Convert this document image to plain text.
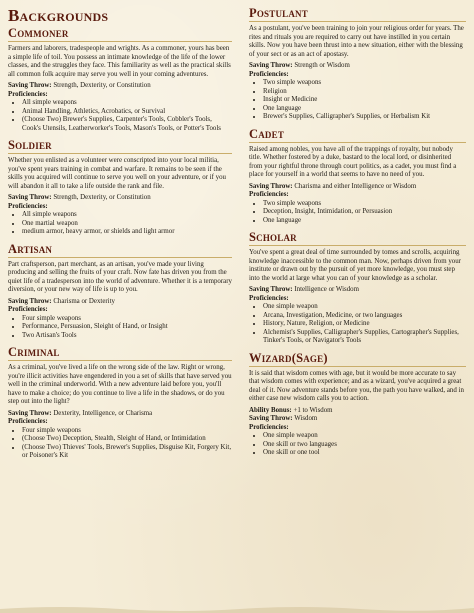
Backgrounds
Commoner

Farmers and laborers, tradespeople and wrights. As a commoner, yours has been a simple life of toil. You possess an intimate knowledge of the life of the lower classes, and the struggles they face. This familiarity as well as the practical skills all common folk acquire may serve you well in your coming adventures.

Saving Throw: Strength, Dexterity, or Constitution

Proficiencies:

• All simple weapons
• Animal Handling, Athletics, Acrobatics, or Survival
• (Choose Two) Brewer's Supplies, Carpenter's Tools, Cobbler's Tools, Cook's Utensils, Leatherworker's Tools, Mason's Tools, or Potter's Tools
Soldier

Whether you enlisted as a volunteer were conscripted into your local militia, you've spent years training in combat and warfare. It remains to be seen if the skills you acquired will continue to serve you well on your adventure, or if you will abandon it all to take a life outside the rank and file.

Saving Throw: Strength, Dexterity, or Constitution

Proficiencies:

• All simple weapons
• One martial weapon
• medium armor, heavy armor, or shields and light armor
Artisan

Part craftsperson, part merchant, as an artisan, you've made your living producing and selling the fruits of your craft. Now fate has driven you from the quiet life of a tradesperson into the world of adventure. Whether it is a temporary diversion, or your new way of life is up to you.

Saving Throw: Charisma or Dexterity

Proficiencies:

• Four simple weapons
• Performance, Persuasion, Sleight of Hand, or Insight
• Two Artisan's Tools
Criminal

As a criminal, you've lived a life on the wrong side of the law. Right or wrong, you're illicit activities have engendered in you a set of skills that have served you well in the criminal underworld. With a new adventure laid before you, you'll have to make a choice; do you continue to live a life in the shadows, or do you step out into the light?

Saving Throw: Dexterity, Intelligence, or Charisma

Proficiencies:

• Four simple weapons
• (Choose Two) Deception, Stealth, Sleight of Hand, or Intimidation
• (Choose Two) Thieves' Tools, Brewer's Supplies, Disguise Kit, Forgery Kit, or Poisoner's Kit
Postulant

As a postulant, you've been training to join your religious order for years. The rites and rituals you are required to carry out have instilled in you certain skills. Now you have been thrust into a new situation, either with the blessing of your sect or as an act of apostasy.

Saving Throw: Strength or Wisdom

Proficiencies:

• Two simple weapons
• Religion
• Insight or Medicine
• One language
• Brewer's Supplies, Calligrapher's Supplies, or Herbalism Kit
Cadet

Raised among nobles, you have all of the trappings of royalty, but nobody title. Whether fostered by a duke, bastard to the local lord, or disinherited from your rightful throne through court politics, as a cadet, you must find a place for yourself in a world that seems to have no need of you.

Saving Throw: Charisma and either Intelligence or Wisdom

Proficiencies:

• Two simple weapons
• Deception, Insight, Intimidation, or Persuasion
• One language
Scholar

You've spent a great deal of time surrounded by tomes and scrolls, acquiring knowledge inaccessible to the common man. Now, perhaps driven from your institute or drawn out by the pursuit of yet more knowledge, you must step into the world at large what you can of your knowledge as a scholar.

Saving Throw: Intelligence or Wisdom

Proficiencies:

• One simple weapon
• Arcana, Investigation, Medicine, or two languages
• History, Nature, Religion, or Medicine
• Alchemist's Supplies, Calligrapher's Supplies, Cartographer's Supplies, Tinker's Tools, or Navigator's Tools
Wizard(Sage)

It is said that wisdom comes with age, but it would be more accurate to say that wisdom comes with experience; and as a wizard, you've acquired a great deal of it. Now adventure stands before you, the path you have walked, and in either case new wisdom calls you to action.

Ability Bonus: +1 to Wisdom

Saving Throw: Wisdom

Proficiencies:

• One simple weapon
• One skill or two languages
• One skill or one tool
